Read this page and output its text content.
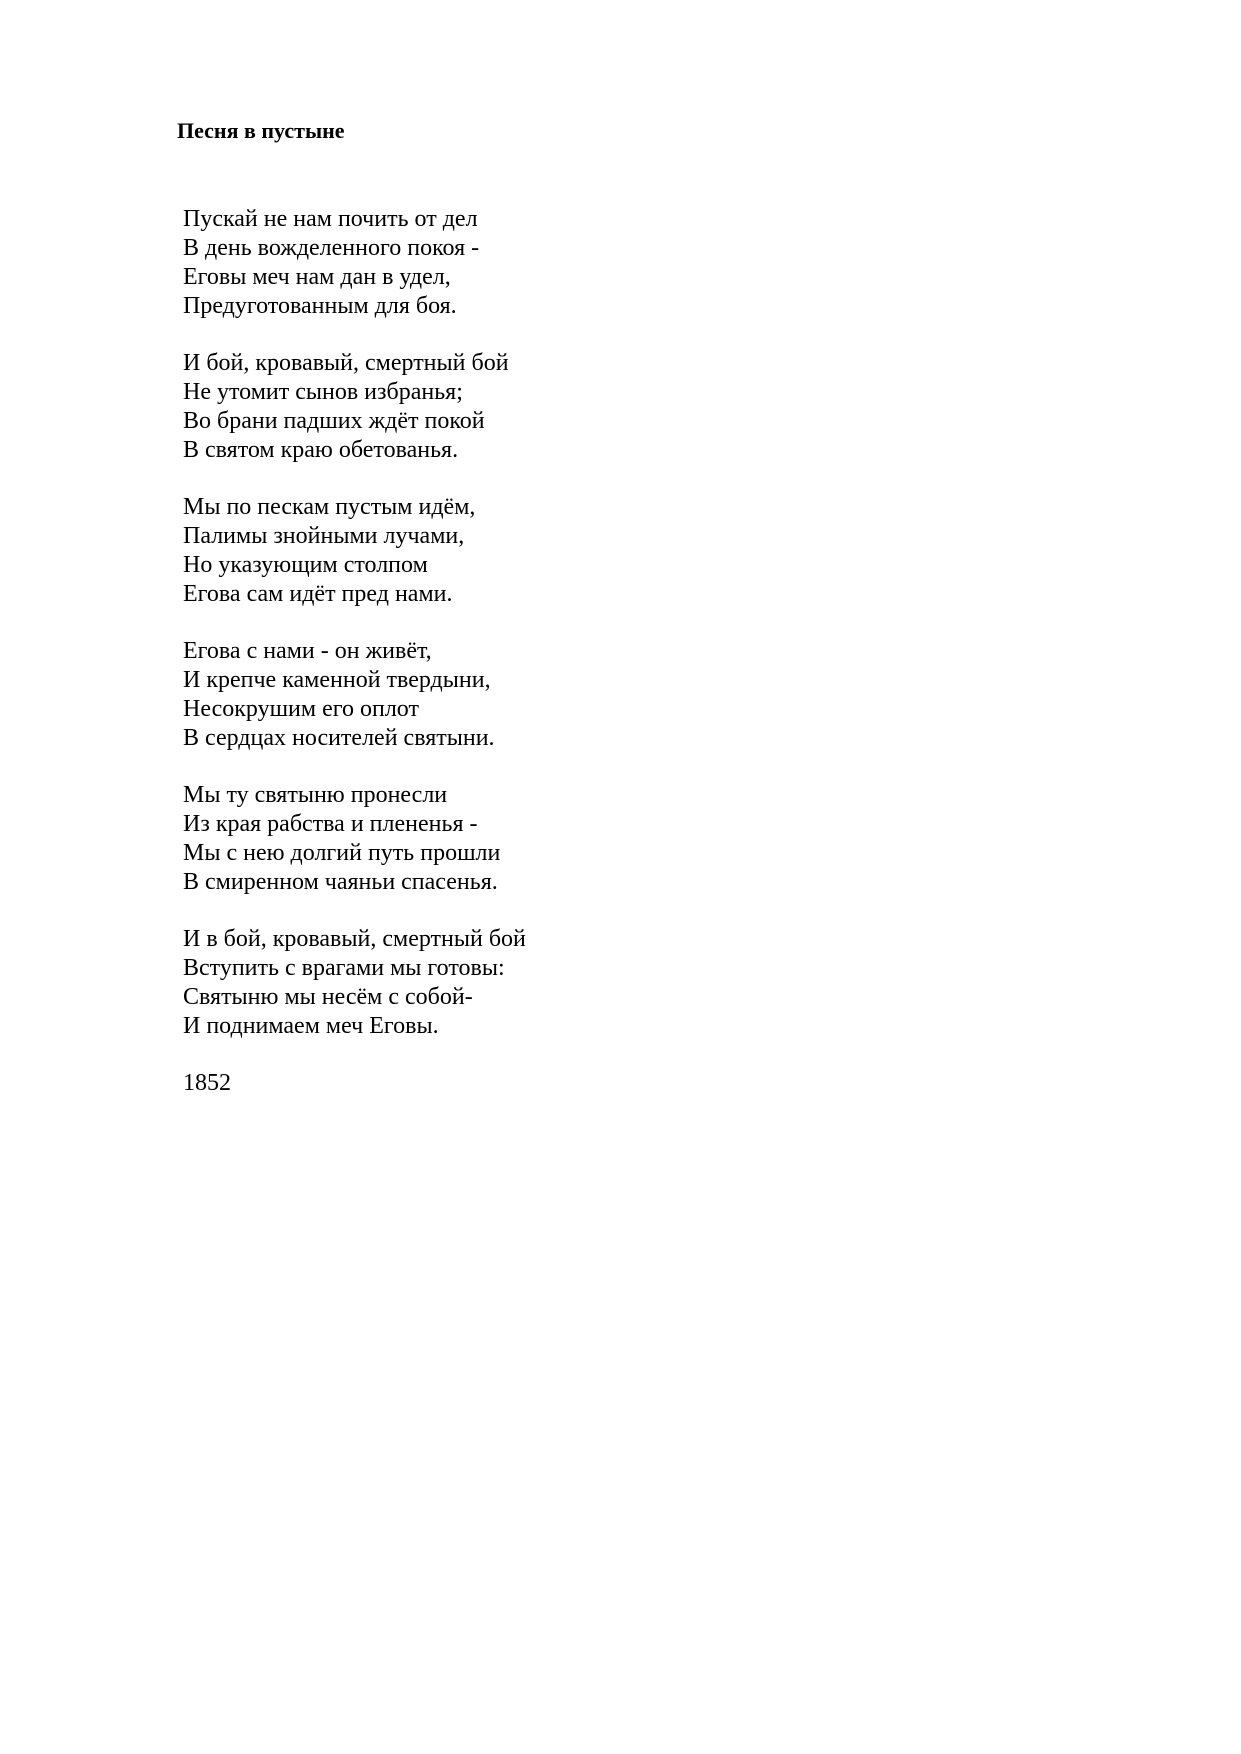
Песня в пустыне
Пускай не нам почить от дел
В день вожделенного покоя -
Еговы меч нам дан в удел,
Предуготованным для боя.
И бой, кровавый, смертный бой
Не утомит сынов избранья;
Во брани падших ждёт покой
В святом краю обетованья.
Мы по пескам пустым идём,
Палимы знойными лучами,
Но указующим столпом
Егова сам идёт пред нами.
Егова с нами - он живёт,
И крепче каменной твердыни,
Несокрушим его оплот
В сердцах носителей святыни.
Мы ту святыню пронесли
Из края рабства и плененья -
Мы с нею долгий путь прошли
В смиренном чаяньи спасенья.
И в бой, кровавый, смертный бой
Вступить с врагами мы готовы:
Святыню мы несём с собой-
И поднимаем меч Еговы.
1852
